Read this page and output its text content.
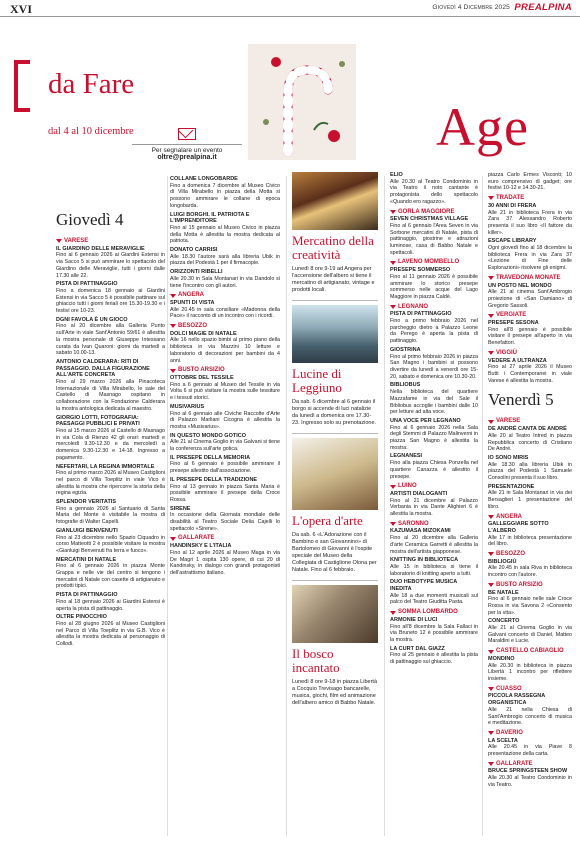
XVI	Giovedì 4 Dicembre 2025 PREALPINA
da Fare
dal 4 al 10 dicembre
Per segnalare un evento
oltre@prealpina.it
Age
Giovedì 4
VARESE
IL GIARDINO DELLE MERAVIGLIE

Fino al 6 gennaio 2026 ai Giardini Estensi in via Sacco 5 si può ammirare lo spettacolo del Giardino delle Meraviglie, tutti i giorni dalle 17.30 alle 22.

PISTA DI PATTINAGGIO

Fino a domenica 18 gennaio ai Giardini Estensi in via Sacco 5 è possibile pattinare sul ghiaccio tutti i giorni feriali ore 15.30-19.30 e i festivi ore 10-23.

DGNI FAVOLA È UN GIOCO

Fino al 20 dicembre alla Galleria Punto sull'Arte in viale Sant'Antonio 59/61 è allestita la mostra personale di Giuseppe Intessano curata da Ivan Quaroni: giorni da martedì a sabato 10.00-13.

ANTONIO CALDERARA: RITI DI PASSAGGIO. DALLA FIGURAZIONE ALL'ARTE CONCRETA

Fino al 29 marzo 2026 alla Pinacoteca Internazionale di Villa Mirabello, le sale del Castello di Masnago ospitano in collaborazione con la Fondazione Calderara la mostra antologica dedicata al maestro.

GIORGIO LOTTI, FOTOGRAFIA: PAESAGGI PUBBLICI E PRIVATI

Fino al 15 marzo 2026 al Castello di Masnago in via Cola di Rienzo 42 gli orari: martedì e mercoledì 9.30-12.30 e da mercoledì a domenica 9.30-12.30 e 14-18. Ingresso a pagamento.

NEFERTARI, LA REGINA IMMORTALE

Fino al primo marzo 2026 al Museo Castiglioni nel parco di Villa Toeplitz in viale Vico è allestita la mostra che ripercorre la storia della regina egizia.

SPLENDOR VERITATIS

Fino a gennaio 2026 al Santuario di Santa Maria del Monte è visitabile la mostra di fotografie di Walter Capelli.

GIANLUIGI BENVENUTI

Fino al 23 dicembre nello Spazio Ciquadro in corso Matteotti 2 è possibile visitare la mostra «Gianluigi Benvenuti fra terra e fuoco».

MERCATINI DI NATALE

Fino al 6 gennaio 2026 in piazza Monte Grappa e nelle vie del centro si tengono i mercatini di Natale con casette di artigianato e prodotti tipici.

PISTA DI PATTINAGGIO

Fino al 18 gennaio 2026 ai Giardini Estensi è aperta la pista di pattinaggio.

OLTRE PINOCCHIO

Fino al 28 giugno 2026 al Museo Castiglioni nel Parco di Villa Toeplitz in via G.B. Vico è allestita la mostra dedicata al personaggio di Collodi.

COLLANE LONGOBARDE

Fino a domenica 7 dicembre al Museo Civico di Villa Mirabello in piazza della Motta si possono ammirare le collane di epoca longobarda.

LUIGI BORGHI. IL PATRIOTA E L'IMPRENDITORE

Fino al 15 gennaio al Museo Civico in piazza della Motta è allestita la mostra dedicata al patriota.

DONATO CARRISI

Alle 18.30 l'autore sarà alla libreria Ubik in piazza del Podestà 1 per il firmacopie.

ORIZZONTI RIBELLI

Alle 20.30 in Sala Montanari in via Dandolo si tiene l'incontro con gli autori.

ANGERA
SPUNTI DI VISTA

Alle 20.45 in sala consiliare «Madonna della Pace» il racconto di un incontro con i ricordi.

BESOZZO
DOLCI MAGIE DI NATALE

Alle 16 nello spazio bimbi al primo piano della biblioteca in via Mazzini 10 letture e laboratorio di decorazioni per bambini da 4 anni.

BUSTO ARSIZIO
OTTOBRE DEL TESSILE

Fino a 6 gennaio al Museo del Tessile in via Volta 6 si può visitare la mostra sulle tessiture e i tessuti storici.

MUSIVARIUS

Fino al 6 gennaio alle Civiche Raccolte d'Arte di Palazzo Marliani Cicogna è allestita la mostra «Musivarius».

IN QUESTO MONDO GOTICO

Alle 21 al Cinema Goglio in via Galvani si tiene la conferenza sull'arte gotica.

IL PRESEPE DELLA MEMORIA

Fino al 6 gennaio è possibile ammirare il presepe allestito dall'associazione.

IL PRESEPE DELLA TRADIZIONE

Fino al 13 gennaio in piazza Santa Maria è possibile ammirare il presepe della Croce Rossa.

SIRENE

In occasione della Giornata mondiale delle disabilità al Teatro Sociale Delia Cajelli lo spettacolo «Sirene».

GALLARATE
HANDINSKY E L'ITALIA

Fino al 12 aprile 2026 al Museo Maga in via De Magri 1 ospita 130 opere, di cui 20 di Kandinsky, in dialogo con grandi protagonisti dell'astrattismo italiano.

Mercatino della creatività

Lunedì 8 ore 9-19 ad Angera per l'accensione dell'albero si tiene il mercatino di artigianato, vintage e prodotti locali.

Lucine di Leggiuno

Da sab. 6 dicembre al 6 gennaio il borgo si accende di luci natalizie da lunedì a domenica ore 17.30-23. Ingresso solo su prenotazione.

L'opera d'arte

Da sab. 6 «L'Adorazione con il Bambino e san Giovannino» di Bartolomeo di Giovanni è l'ospite speciale del Museo della Collegiata di Castiglione Olona per Natale. Fino al 6 febbraio.

Il bosco incantato

Lunedì 8 ore 9-18 in piazza Libertà a Cocquio Trevisago bancarelle, musica, giochi, film ed animazione dell'albero amico di Babbo Natale.

ELIO

Alle 20.30 al Teatro Condominio in via Teatro il noto cantante è protagonista dello spettacolo «Quando ero ragazzo».

GORLA MAGGIORE
SEVEN CHRISTMAS VILLAGE

Fino al 6 gennaio l'Area Seven in via Sorbone mercatini di Natale, pista di pattinaggio, giostrine e attrazioni luminose, casa di Babbo Natale e spettacoli.

LAVENO MOMBELLO
PRESEPE SOMMERSO

Fino al 11 gennaio 2026 è possibile ammirare lo storico presepe sommerso nelle acque del Lago Maggiore in piazza Caldè.

LEGNANO
PISTA DI PATTINAGGIO

Fino a primo febbraio 2026 nel parcheggio dietro a Palazzo Leone da Perego è aperta la pista di pattinaggio.

GIOSTRINA

Fino al primo febbraio 2026 in piazza San Magno i bambini si possono divertire da lunedì a venerdì ore 15-20, sabato e domenica ore 10.30-20.

BIBLIOBUS

Nella biblioteca del quartiere Mazzafame in via del Sale il Bibliobus accoglie i bambini dalle 10 per letture ad alta voce.

UNA VOCE PER LEGNANO

Fino al 6 gennaio 2026 nella Sala degli Stemmi di Palazzo Malinverni in piazza San Magno è allestita la mostra.

LEGNANESI

Fino alla piazza Chiesa Ponzella nel quartiere Canazza è allestito il presepe.

LUINO
ARTISTI DIALOGANTI

Fino al 21 dicembre al Palazzo Verbania in via Dante Alighieri 6 è allestita la mostra.

SARONNO
KAZUMASA MIZOKAMI

Fino al 20 dicembre alla Galleria d'arte Ceramica Garretti è allestita la mostra dell'artista giapponese.

KNITTING IN BIBLIOTECA

Alle 15 in biblioteca si tiene il laboratorio di knitting aperto a tutti.

DUO HEBOTYPE MUSICA INEDITA

Alle 18 a due momenti musicali sul palco del Teatro Giuditta Pasta.

SOMMA LOMBARDO
ARMONIE DI LUCI

Fino all'8 dicembre la Sala Fallaci in via Bruneto 12 è possibile ammirare la mostra.

LA CURT DAL GIAZZ

Fino al 25 gennaio è allestita la pista di pattinaggio sul ghiaccio.

piazza Carlo Ermes Visconti; 10 euro comprensivo di gadget; ore festivi 10-12 e 14.30-21.

TRADATE
30 ANNI DI FRERA

Alle 21 in biblioteca Frera in via Zara 37 Alessandro Roberto presenta il suo libro «Il fattore da killer».

ESCAPE LIBRARY

Ogni giovedì fino al 18 dicembre la biblioteca Frera in via Zara 37 «Lezione di Fine delle Esplorazioni» risolvere gli enigmi.

TRAVEDONA MONATE
UN POSTO NEL MONDO

Alle 21 al cinema Sant'Ambrogio proiezione di «San Damiano» di Gregorio Sassoli.

VERGIATE
PRESEPE SESONA

Fino all'8 gennaio è possibile visitare il presepe all'aperto in via Benefattori.

VIGGIÙ
VEDERE A ULTRANZA

Fino al 27 aprile 2026 il Museo Butti i Contemporanei in viale Varese è allestita la mostra.

Venerdì 5
VARESE
DE ANDRÉ CANTA DE ANDRÉ

Alle 20 al Teatro Intred in piazza Repubblica concerto di Cristiano De André.

IO SONO MIRIS

Alle 18.30 alla libreria Ubik in piazza del Podestà 1 Samuele Consolini presenta il suo libro.

PRESENTAZIONE

Alle 21 in Sala Montanari in via dei Bersaglieri 1 presentazione del libro.

ANGERA
GALLEGGIARE SOTTO L'ALBERO

Alle 17 in biblioteca presentazione del libro.

BESOZZO
BIBLIOGIÙ

Alle 20.45 in sala Riva in biblioteca incontro con l'autore.

BUSTO ARSIZIO
BE NATALE

Fino al 6 gennaio nelle sale Croce Rossa in via Savona 2 «Consento per la vita».

CONCERTO

Alle 21 al Cinema Goglio in via Galvani concerto di Daniel, Matteo Maraldini e Lucie.

CASTELLO CABIAGLIO
MONDINO

Alle 20.30 in biblioteca in piazza Libertà 1 incontro per riflettere insieme.

CUASSO
PICCOLA RASSEGNA ORGANISTICA

Alle 21 nella Chiesa di Sant'Ambrogio concerto di musica e meditazione.

DAVERIO
LA SCELTA

Alle 20.45 in via Piave 8 presentazione della carta.

GALLARATE
BRUCE SPRINGSTEEN SHOW

Alle 20.30 al Teatro Condominio in via Teatro.
